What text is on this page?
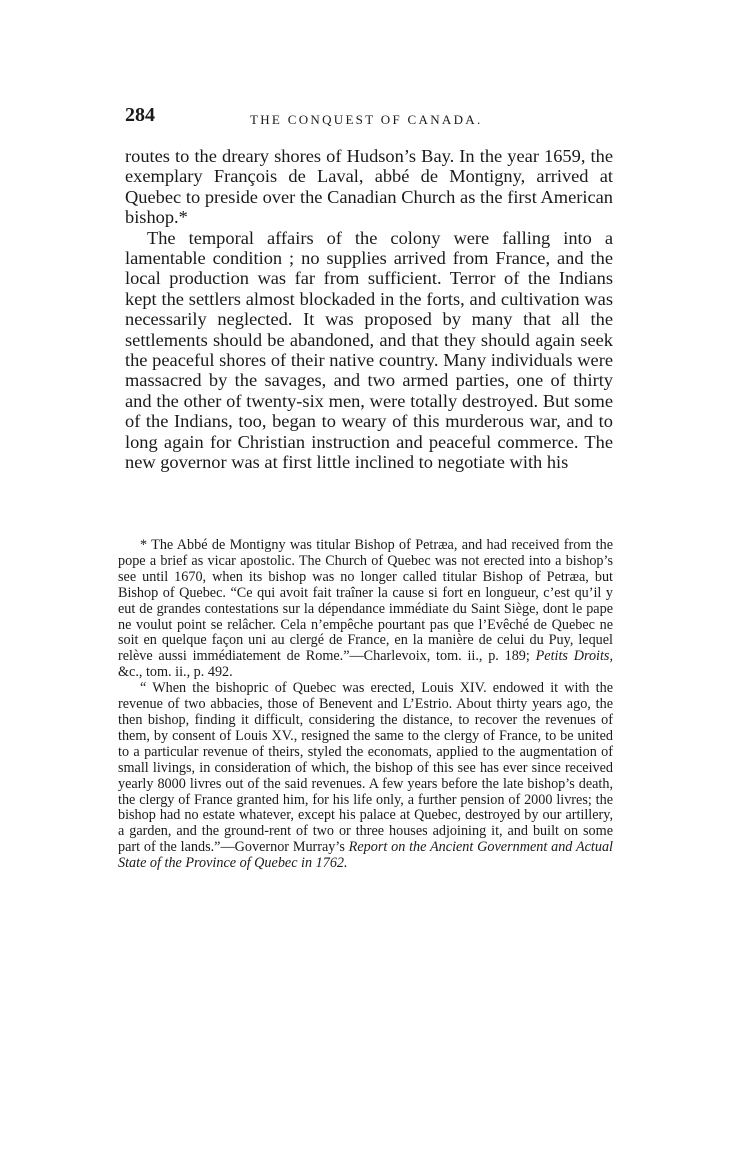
284	THE CONQUEST OF CANADA.

routes to the dreary shores of Hudson’s Bay. In the year 1659, the exemplary François de Laval, abbé de Montigny, arrived at Quebec to preside over the Canadian Church as the first American bishop.*

The temporal affairs of the colony were falling into a lamentable condition ; no supplies arrived from France, and the local production was far from sufficient. Terror of the Indians kept the settlers almost blockaded in the forts, and cultivation was necessarily neglected. It was proposed by many that all the settlements should be abandoned, and that they should again seek the peaceful shores of their native country. Many individuals were massacred by the savages, and two armed parties, one of thirty and the other of twenty-six men, were totally destroyed. But some of the Indians, too, began to weary of this murderous war, and to long again for Christian instruction and peaceful commerce. The new governor was at first little inclined to negotiate with his

* The Abbé de Montigny was titular Bishop of Petræa, and had received from the pope a brief as vicar apostolic. The Church of Quebec was not erected into a bishop’s see until 1670, when its bishop was no longer called titular Bishop of Petræa, but Bishop of Quebec. “Ce qui avoit fait traîner la cause si fort en longueur, c’est qu’il y eut de grandes contestations sur la dépendance immédiate du Saint Siège, dont le pape ne voulut point se relâcher. Cela n’empêche pourtant pas que l’Evêché de Quebec ne soit en quelque façon uni au clergé de France, en la manière de celui du Puy, lequel relève aussi immédiatement de Rome.”—Charlevoix, tom. ii., p. 189; Petits Droits, &c., tom. ii., p. 492.

“ When the bishopric of Quebec was erected, Louis XIV. endowed it with the revenue of two abbacies, those of Benevent and L’Estrio. About thirty years ago, the then bishop, finding it difficult, considering the distance, to recover the revenues of them, by consent of Louis XV., resigned the same to the clergy of France, to be united to a particular revenue of theirs, styled the economats, applied to the augmentation of small livings, in consideration of which, the bishop of this see has ever since received yearly 8000 livres out of the said revenues. A few years before the late bishop’s death, the clergy of France granted him, for his life only, a further pension of 2000 livres; the bishop had no estate whatever, except his palace at Quebec, destroyed by our artillery, a garden, and the ground-rent of two or three houses adjoining it, and built on some part of the lands.”—Governor Murray’s Report on the Ancient Government and Actual State of the Province of Quebec in 1762.
